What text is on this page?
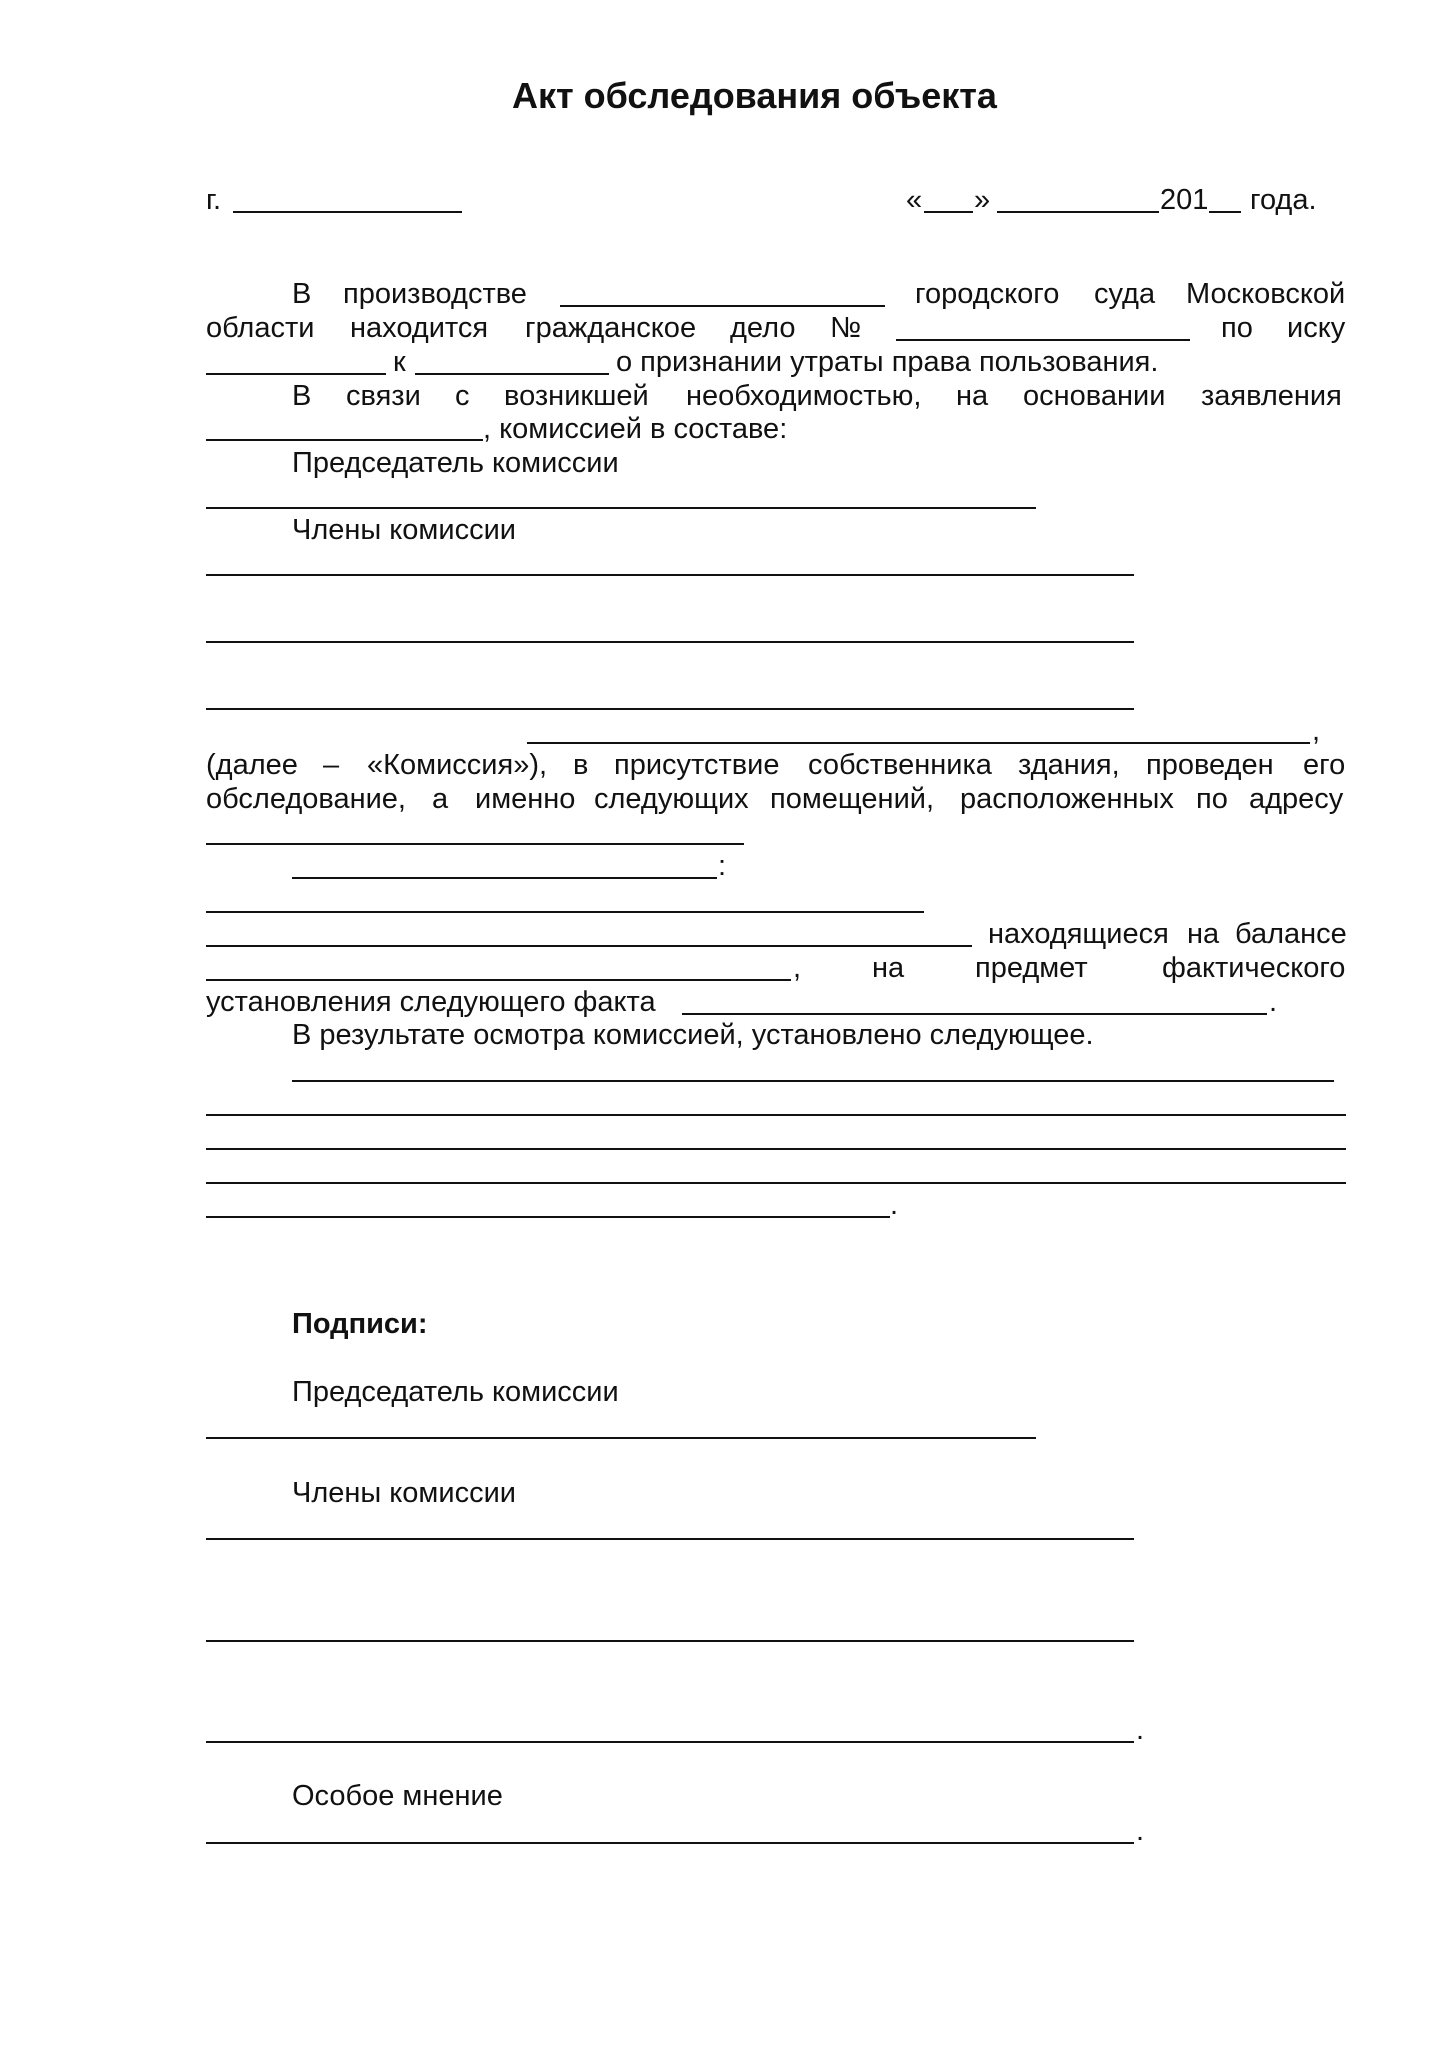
Акт обследования объекта
г.	« »	201 года.
В производстве	городского суда Московской
области находится гражданское дело №	по иску
к	о признании утраты права пользования.
В связи с возникшей необходимостью, на основании заявления
, комиссией в составе:
Председатель комиссии
Члены комиссии
,
(далее – «Комиссия»), в присутствие собственника здания, проведен его
обследование, а именно следующих помещений, расположенных по адресу
:
находящиеся на балансе
, на предмет	фактического
установления следующего факта	.
В результате осмотра комиссией, установлено следующее.
.
Подписи:
Председатель комиссии
Члены комиссии
.
Особое мнение
.
